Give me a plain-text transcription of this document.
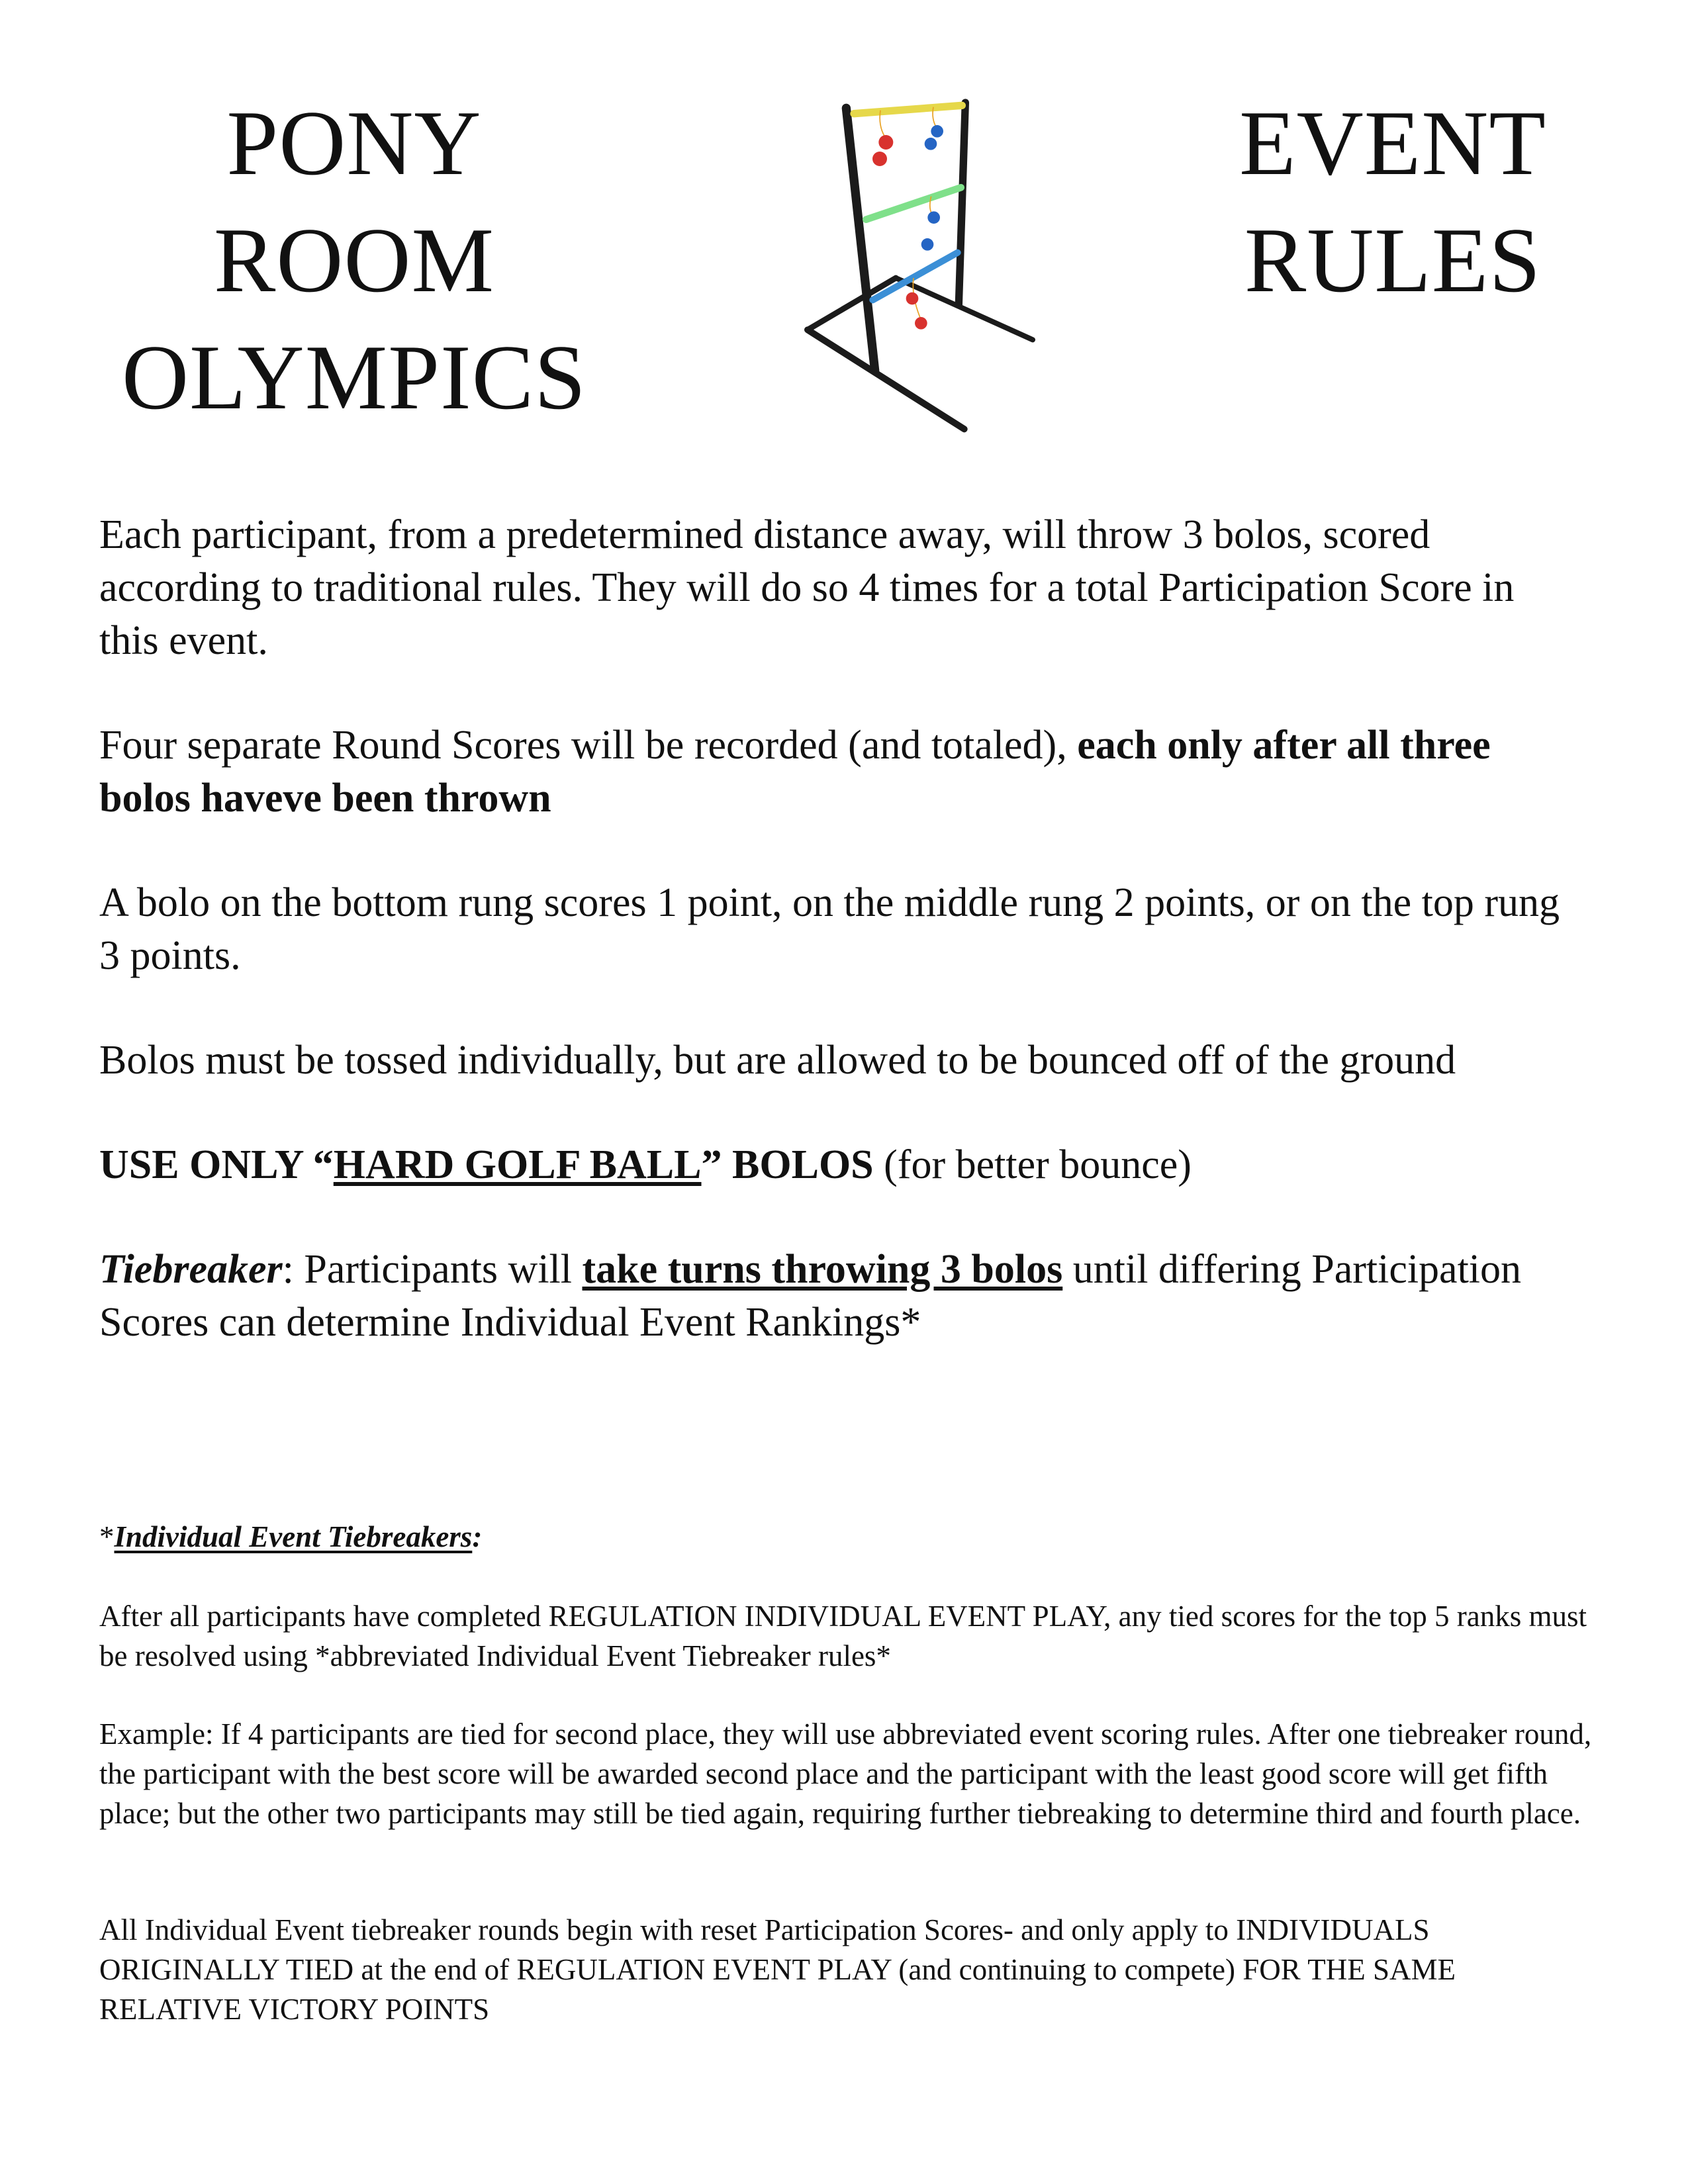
PONY
ROOM
OLYMPICS
EVENT
RULES

Each participant, from a predetermined distance away, will throw 3 bolos, scored according to traditional rules. They will do so 4 times for a total Participation Score in this event.

Four separate Round Scores will be recorded (and totaled), each only after all three bolos haveve been thrown

A bolo on the bottom rung scores 1 point, on the middle rung 2 points, or on the top rung 3 points.

Bolos must be tossed individually, but are allowed to be bounced off of the ground

USE ONLY “HARD GOLF BALL” BOLOS (for better bounce)

Tiebreaker: Participants will take turns throwing 3 bolos until differing Participation Scores can determine Individual Event Rankings*

*Individual Event Tiebreakers:

After all participants have completed REGULATION INDIVIDUAL EVENT PLAY, any tied scores for the top 5 ranks must be resolved using *abbreviated Individual Event Tiebreaker rules*

Example: If 4 participants are tied for second place, they will use abbreviated event scoring rules. After one tiebreaker round, the participant with the best score will be awarded second place and the participant with the least good score will get fifth place; but the other two participants may still be tied again, requiring further tiebreaking to determine third and fourth place.

All Individual Event tiebreaker rounds begin with reset Participation Scores- and only apply to INDIVIDUALS ORIGINALLY TIED at the end of REGULATION EVENT PLAY (and continuing to compete) FOR THE SAME RELATIVE VICTORY POINTS
